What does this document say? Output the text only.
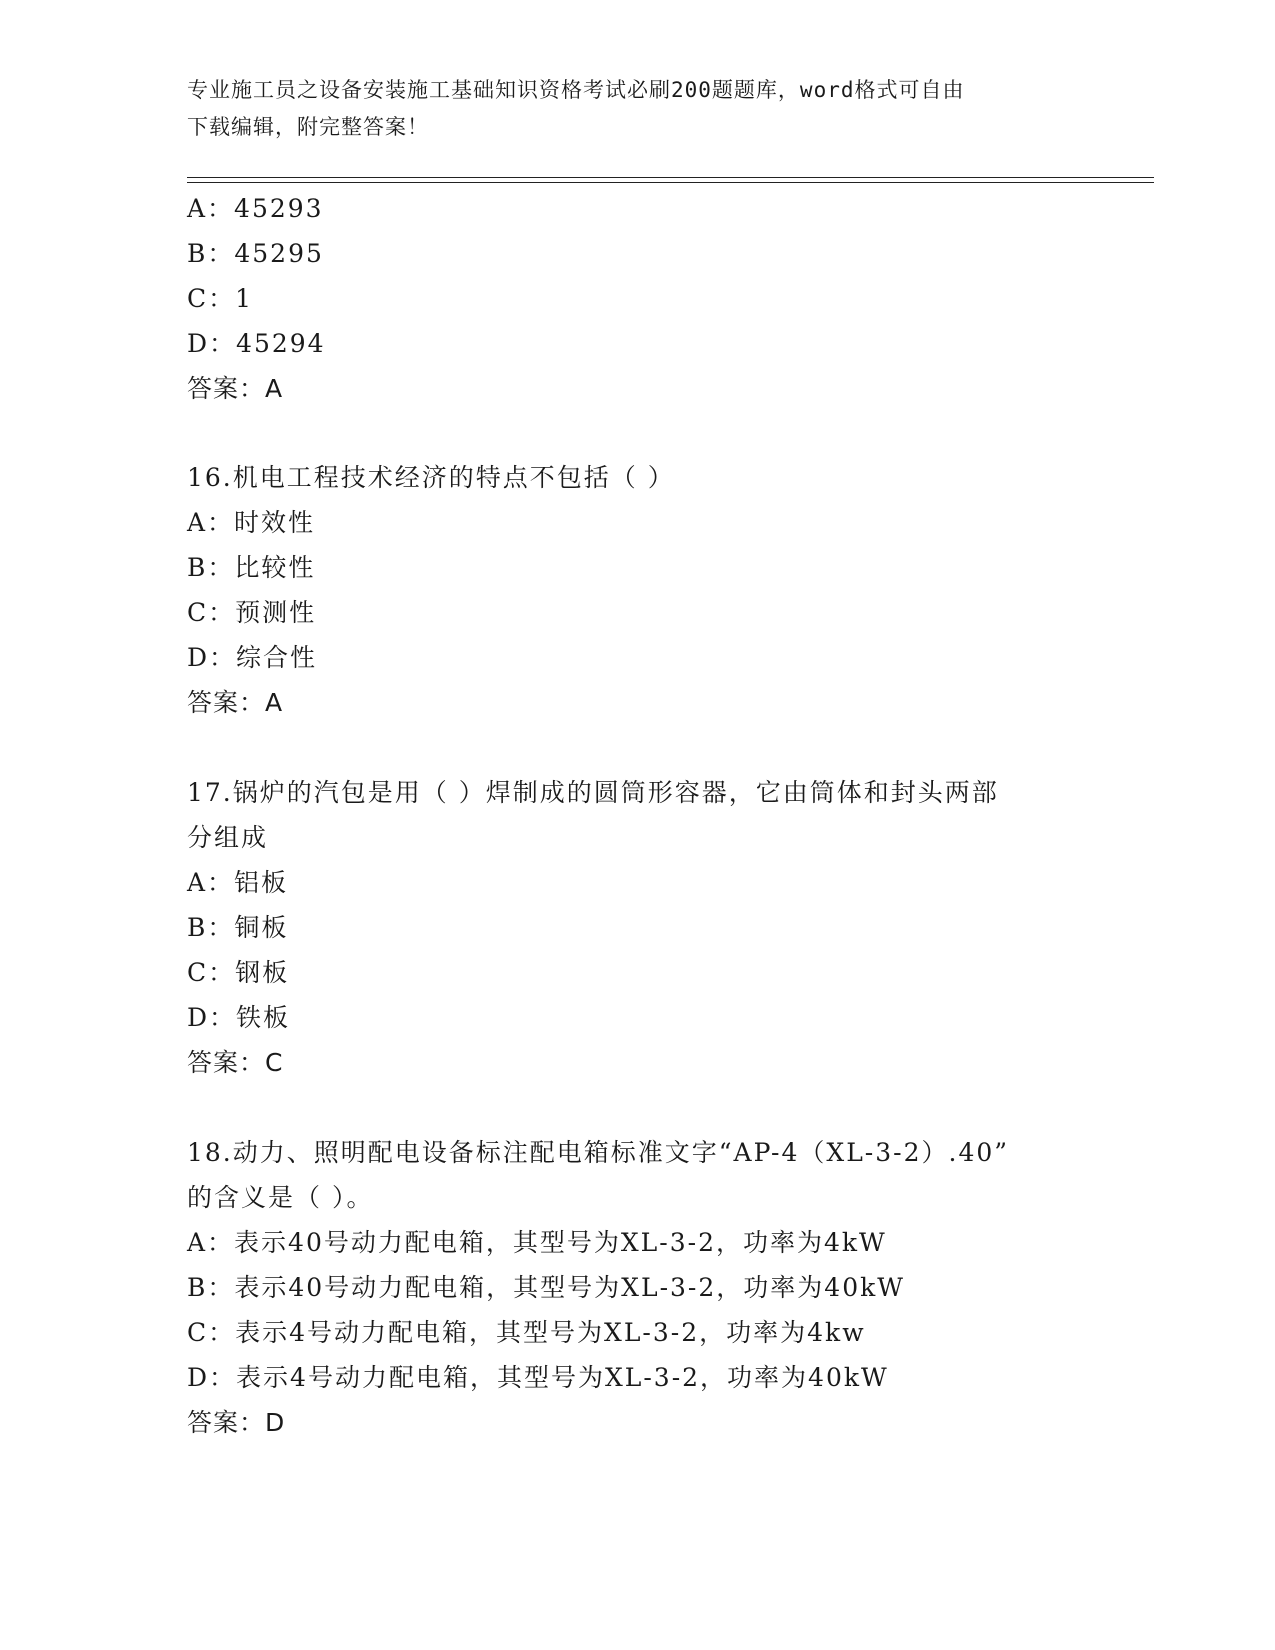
专业施工员之设备安装施工基础知识资格考试必刷200题题库，word格式可自由
下载编辑，附完整答案！
A：45293
B：45295
C：1
D：45294
答案：A
16.机电工程技术经济的特点不包括（ ）
A：时效性
B：比较性
C：预测性
D：综合性
答案：A
17.锅炉的汽包是用（ ）焊制成的圆筒形容器，它由筒体和封头两部
分组成
A：铝板
B：铜板
C：钢板
D：铁板
答案：C
18.动力、照明配电设备标注配电箱标准文字“AP-4（XL-3-2）.40”
的含义是（ ）。
A：表示40号动力配电箱，其型号为XL-3-2，功率为4kW
B：表示40号动力配电箱，其型号为XL-3-2，功率为40kW
C：表示4号动力配电箱，其型号为XL-3-2，功率为4kw
D：表示4号动力配电箱，其型号为XL-3-2，功率为40kW
答案：D
